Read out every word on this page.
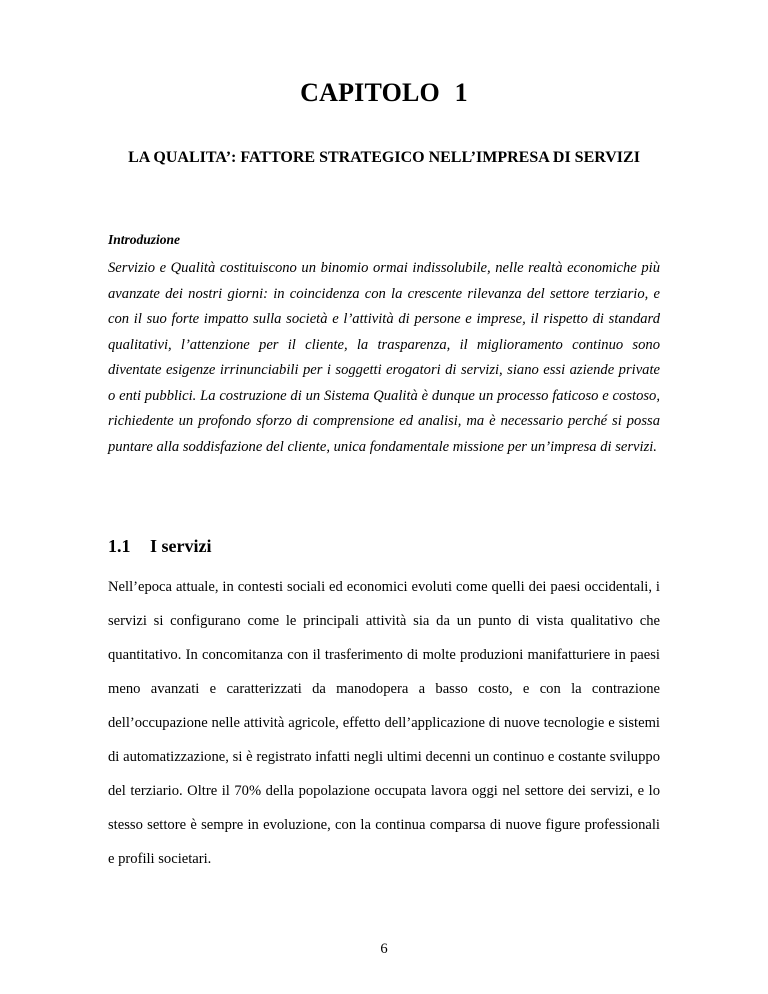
CAPITOLO 1
LA QUALITA’: FATTORE STRATEGICO NELL’IMPRESA DI SERVIZI
Introduzione

Servizio e Qualità costituiscono un binomio ormai indissolubile, nelle realtà economiche più avanzate dei nostri giorni: in coincidenza con la crescente rilevanza del settore terziario, e con il suo forte impatto sulla società e l’attività di persone e imprese, il rispetto di standard qualitativi, l’attenzione per il cliente, la trasparenza, il miglioramento continuo sono diventate esigenze irrinunciabili per i soggetti erogatori di servizi, siano essi aziende private o enti pubblici. La costruzione di un Sistema Qualità è dunque un processo faticoso e costoso, richiedente un profondo sforzo di comprensione ed analisi, ma è necessario perché si possa puntare alla soddisfazione del cliente, unica fondamentale missione per un’impresa di servizi.

1.1 I servizi

Nell’epoca attuale, in contesti sociali ed economici evoluti come quelli dei paesi occidentali, i servizi si configurano come le principali attività sia da un punto di vista qualitativo che quantitativo. In concomitanza con il trasferimento di molte produzioni manifatturiere in paesi meno avanzati e caratterizzati da manodopera a basso costo, e con la contrazione dell’occupazione nelle attività agricole, effetto dell’applicazione di nuove tecnologie e sistemi di automatizzazione, si è registrato infatti negli ultimi decenni un continuo e costante sviluppo del terziario. Oltre il 70% della popolazione occupata lavora oggi nel settore dei servizi, e lo stesso settore è sempre in evoluzione, con la continua comparsa di nuove figure professionali e profili societari.

6
